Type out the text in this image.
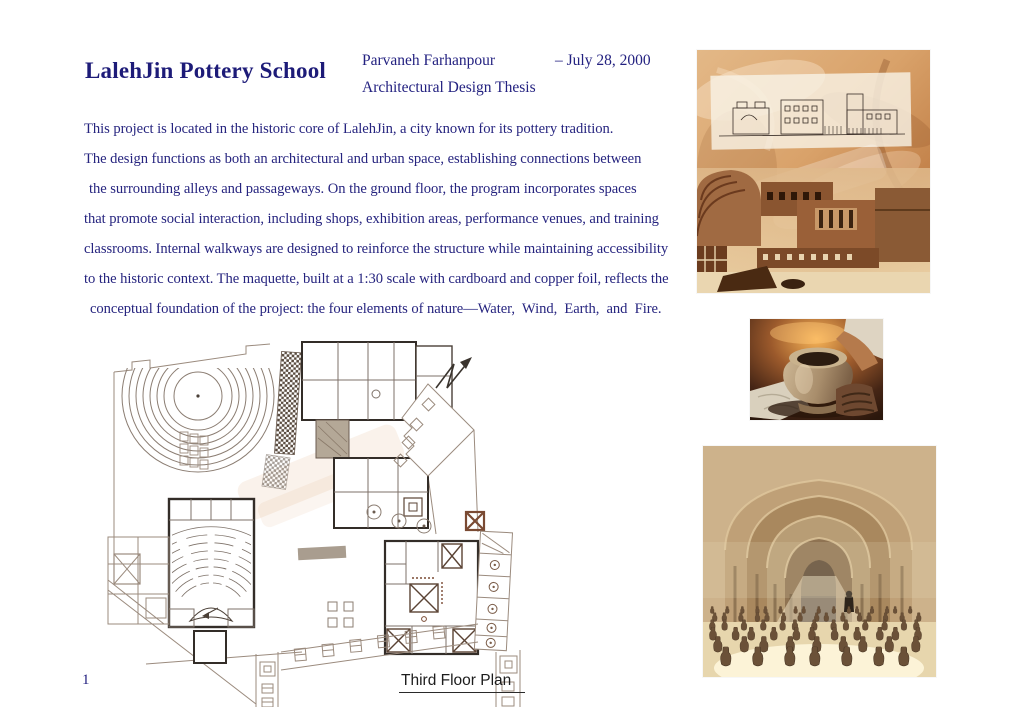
LalehJin Pottery School Parvaneh Farhanpour	– July 28, 2000
Architectural Design Thesis
This project is located in the historic core of LalehJin, a city known for its pottery tradition.
The design functions as both an architectural and urban space, establishing connections between
the surrounding alleys and passageways. On the ground floor, the program incorporates spaces
that promote social interaction, including shops, exhibition areas, performance venues, and training
classrooms. Internal walkways are designed to reinforce the structure while maintaining accessibility
to the historic context. The maquette, built at a 1:30 scale with cardboard and copper foil, reflects the
conceptual foundation of the project: the four elements of nature—Water,  Wind,  Earth,  and  Fire.
Third Floor Plan
1
